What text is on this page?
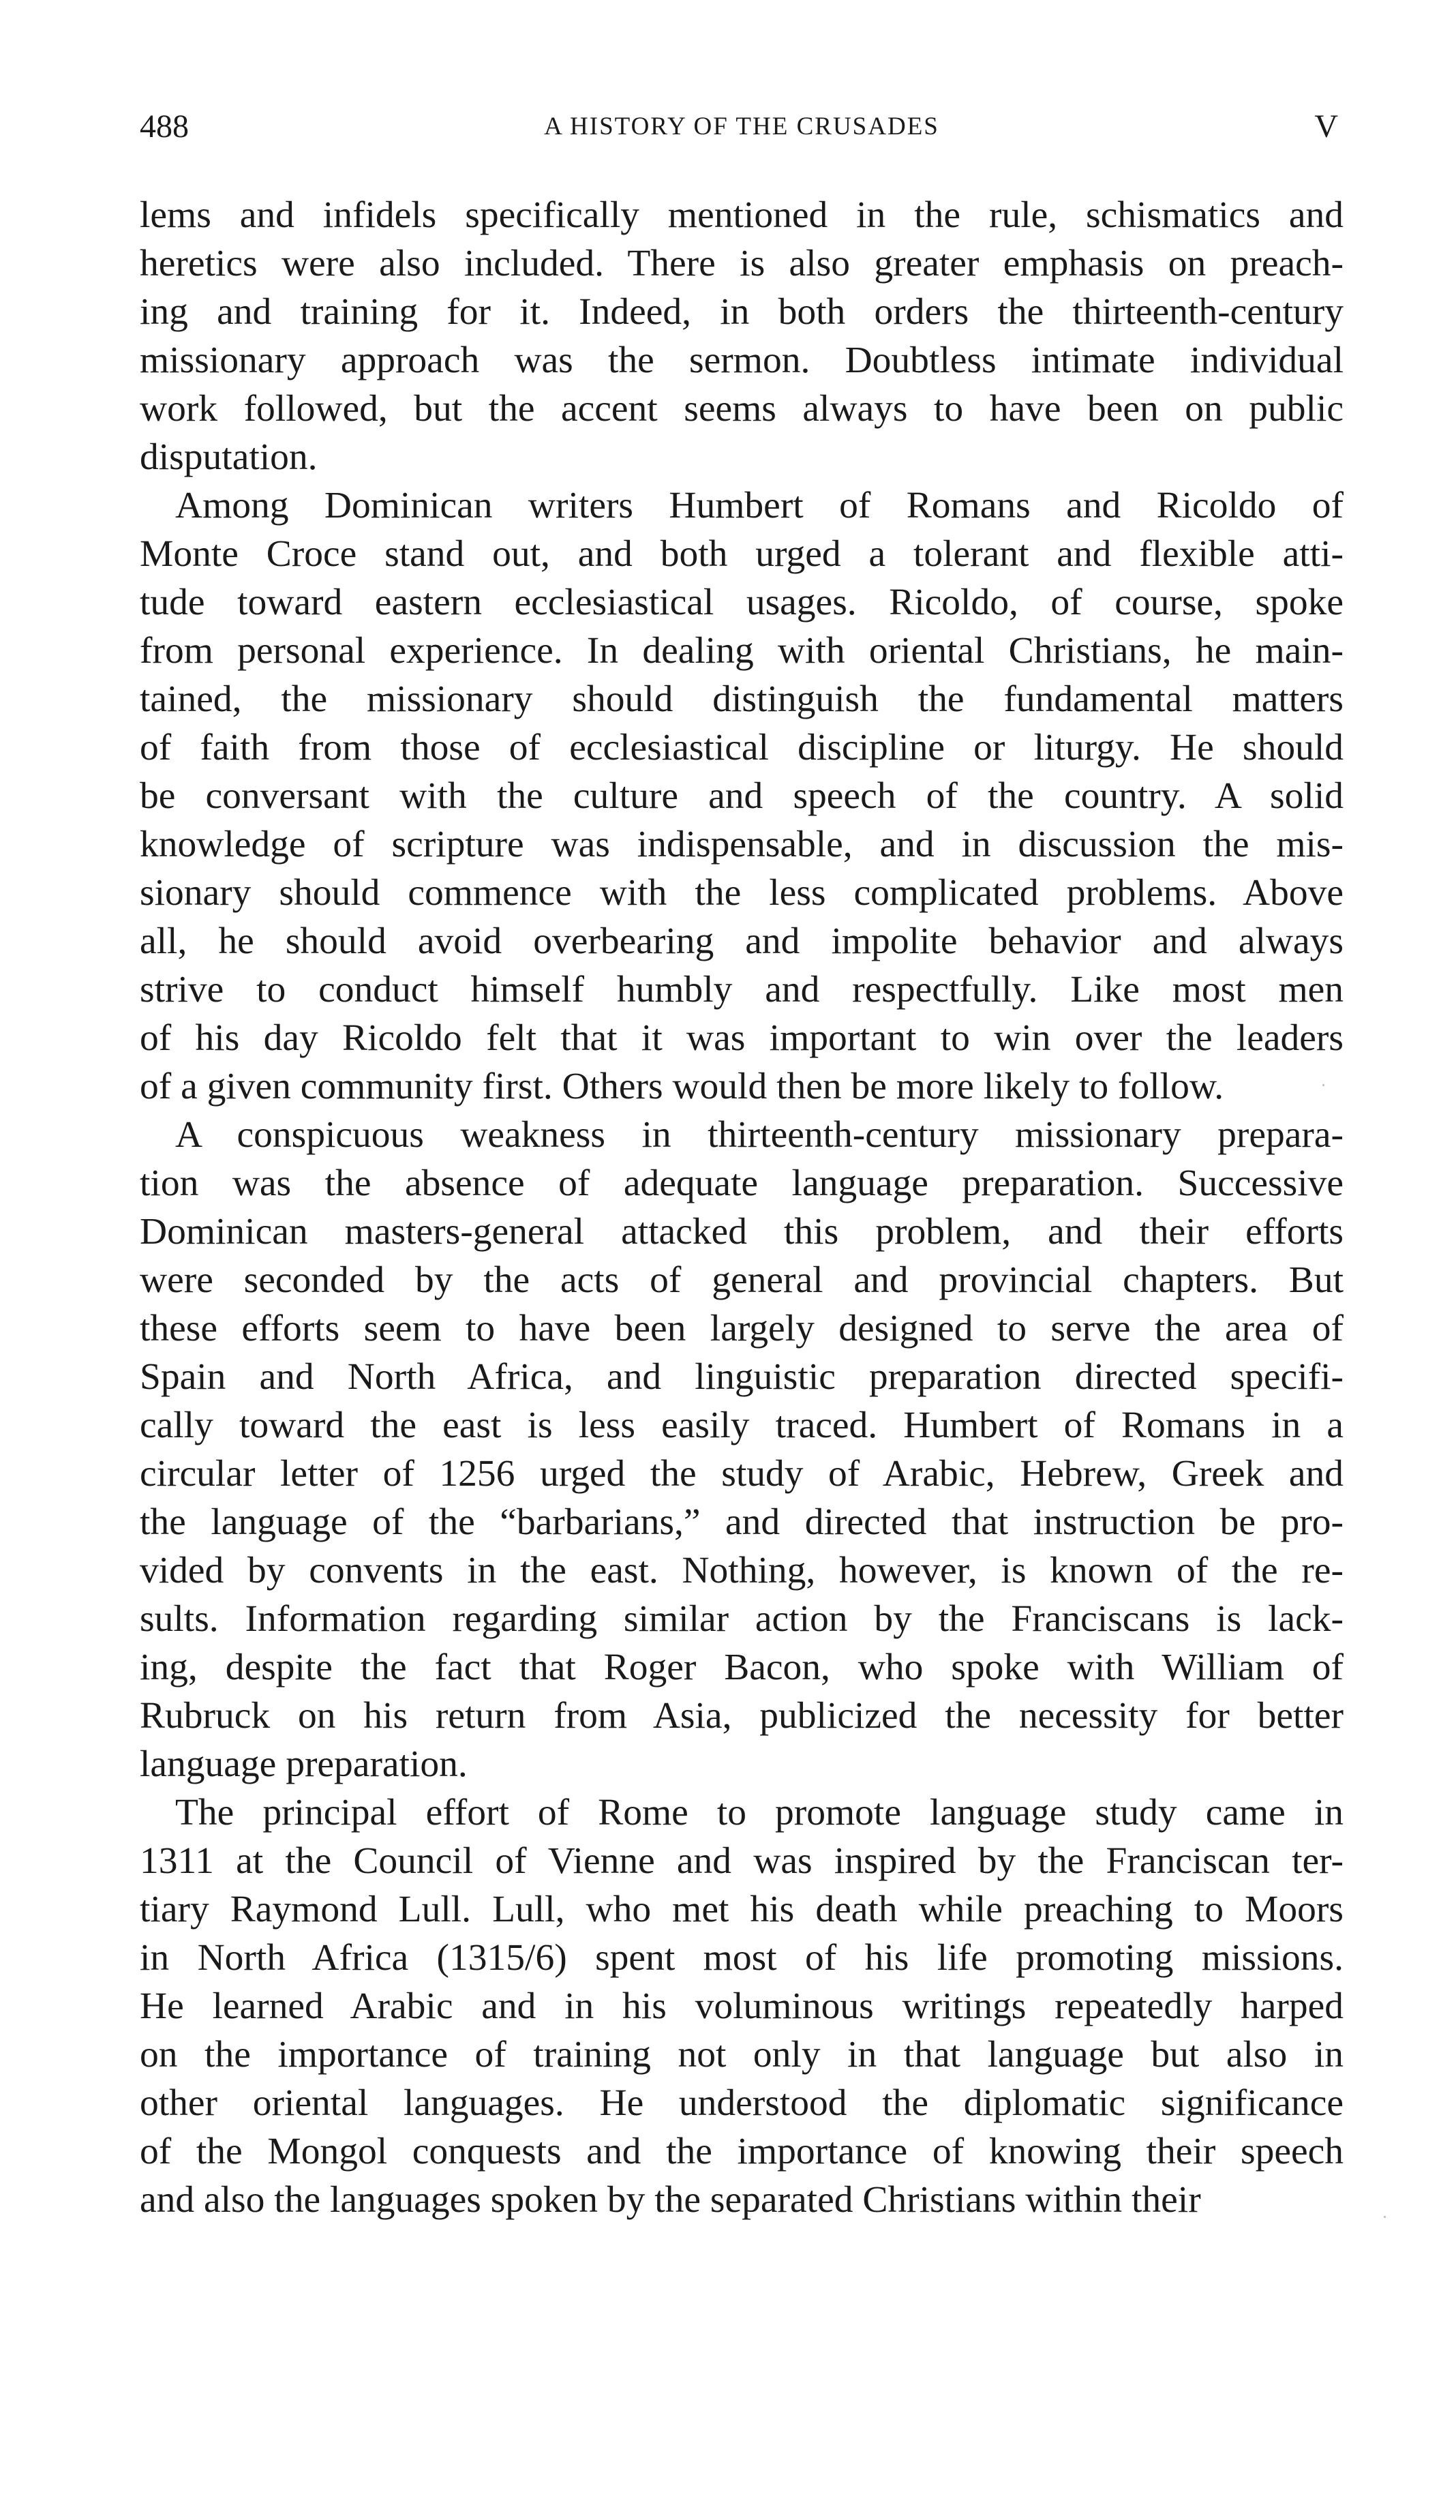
488	A HISTORY OF THE CRUSADES	V

lems and infidels specifically mentioned in the rule, schismatics and
heretics were also included. There is also greater emphasis on preach-
ing and training for it. Indeed, in both orders the thirteenth-century
missionary approach was the sermon. Doubtless intimate individual
work followed, but the accent seems always to have been on public
disputation.

Among Dominican writers Humbert of Romans and Ricoldo of
Monte Croce stand out, and both urged a tolerant and flexible atti-
tude toward eastern ecclesiastical usages. Ricoldo, of course, spoke
from personal experience. In dealing with oriental Christians, he main-
tained, the missionary should distinguish the fundamental matters
of faith from those of ecclesiastical discipline or liturgy. He should
be conversant with the culture and speech of the country. A solid
knowledge of scripture was indispensable, and in discussion the mis-
sionary should commence with the less complicated problems. Above
all, he should avoid overbearing and impolite behavior and always
strive to conduct himself humbly and respectfully. Like most men
of his day Ricoldo felt that it was important to win over the leaders
of a given community first. Others would then be more likely to follow.

A conspicuous weakness in thirteenth-century missionary prepara-
tion was the absence of adequate language preparation. Successive
Dominican masters-general attacked this problem, and their efforts
were seconded by the acts of general and provincial chapters. But
these efforts seem to have been largely designed to serve the area of
Spain and North Africa, and linguistic preparation directed specifi-
cally toward the east is less easily traced. Humbert of Romans in a
circular letter of 1256 urged the study of Arabic, Hebrew, Greek and
the language of the “barbarians,” and directed that instruction be pro-
vided by convents in the east. Nothing, however, is known of the re-
sults. Information regarding similar action by the Franciscans is lack-
ing, despite the fact that Roger Bacon, who spoke with William of
Rubruck on his return from Asia, publicized the necessity for better
language preparation.

The principal effort of Rome to promote language study came in
1311 at the Council of Vienne and was inspired by the Franciscan ter-
tiary Raymond Lull. Lull, who met his death while preaching to Moors
in North Africa (1315/6) spent most of his life promoting missions.
He learned Arabic and in his voluminous writings repeatedly harped
on the importance of training not only in that language but also in
other oriental languages. He understood the diplomatic significance
of the Mongol conquests and the importance of knowing their speech
and also the languages spoken by the separated Christians within their
